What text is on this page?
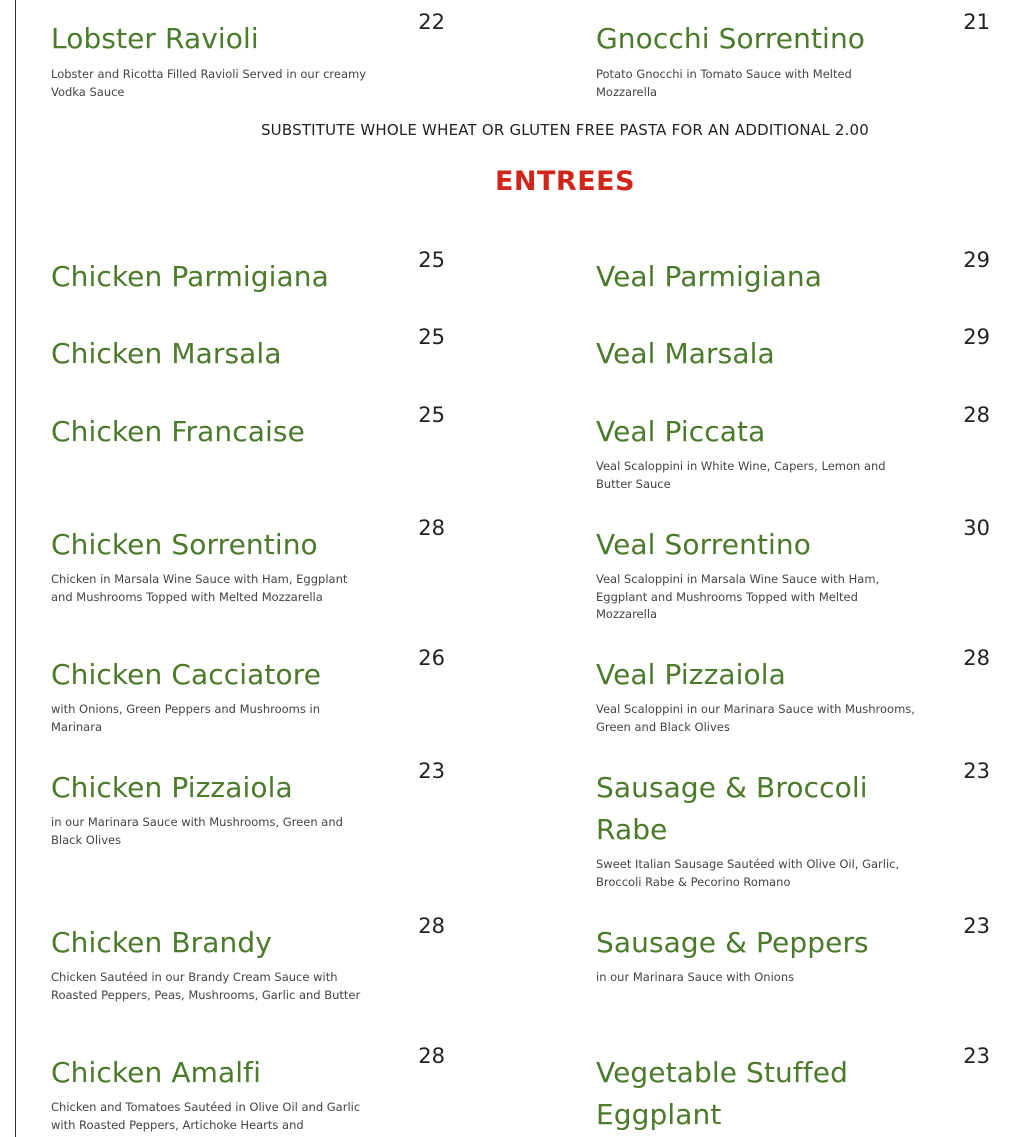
Lobster Ravioli	22
Lobster and Ricotta Filled Ravioli Served in our creamy Vodka Sauce
Gnocchi Sorrentino	21
Potato Gnocchi in Tomato Sauce with Melted Mozzarella
SUBSTITUTE WHOLE WHEAT OR GLUTEN FREE PASTA FOR AN ADDITIONAL 2.00
ENTREES
Chicken Parmigiana	25
Chicken Marsala	25
Chicken Francaise	25
Chicken Sorrentino	28
Chicken in Marsala Wine Sauce with Ham, Eggplant and Mushrooms Topped with Melted Mozzarella
Chicken Cacciatore	26
with Onions, Green Peppers and Mushrooms in Marinara
Chicken Pizzaiola	23
in our Marinara Sauce with Mushrooms, Green and Black Olives
Chicken Brandy	28
Chicken Sautéed in our Brandy Cream Sauce with Roasted Peppers, Peas, Mushrooms, Garlic and Butter
Chicken Amalfi	28
Chicken and Tomatoes Sautéed in Olive Oil and Garlic with Roasted Peppers, Artichoke Hearts and
Veal Parmigiana	29
Veal Marsala	29
Veal Piccata	28
Veal Scaloppini in White Wine, Capers, Lemon and Butter Sauce
Veal Sorrentino	30
Veal Scaloppini in Marsala Wine Sauce with Ham, Eggplant and Mushrooms Topped with Melted Mozzarella
Veal Pizzaiola	28
Veal Scaloppini in our Marinara Sauce with Mushrooms, Green and Black Olives
Sausage & Broccoli Rabe
23
Sweet Italian Sausage Sautéed with Olive Oil, Garlic, Broccoli Rabe & Pecorino Romano
Sausage & Peppers	23
in our Marinara Sauce with Onions
Vegetable Stuffed Eggplant
23
